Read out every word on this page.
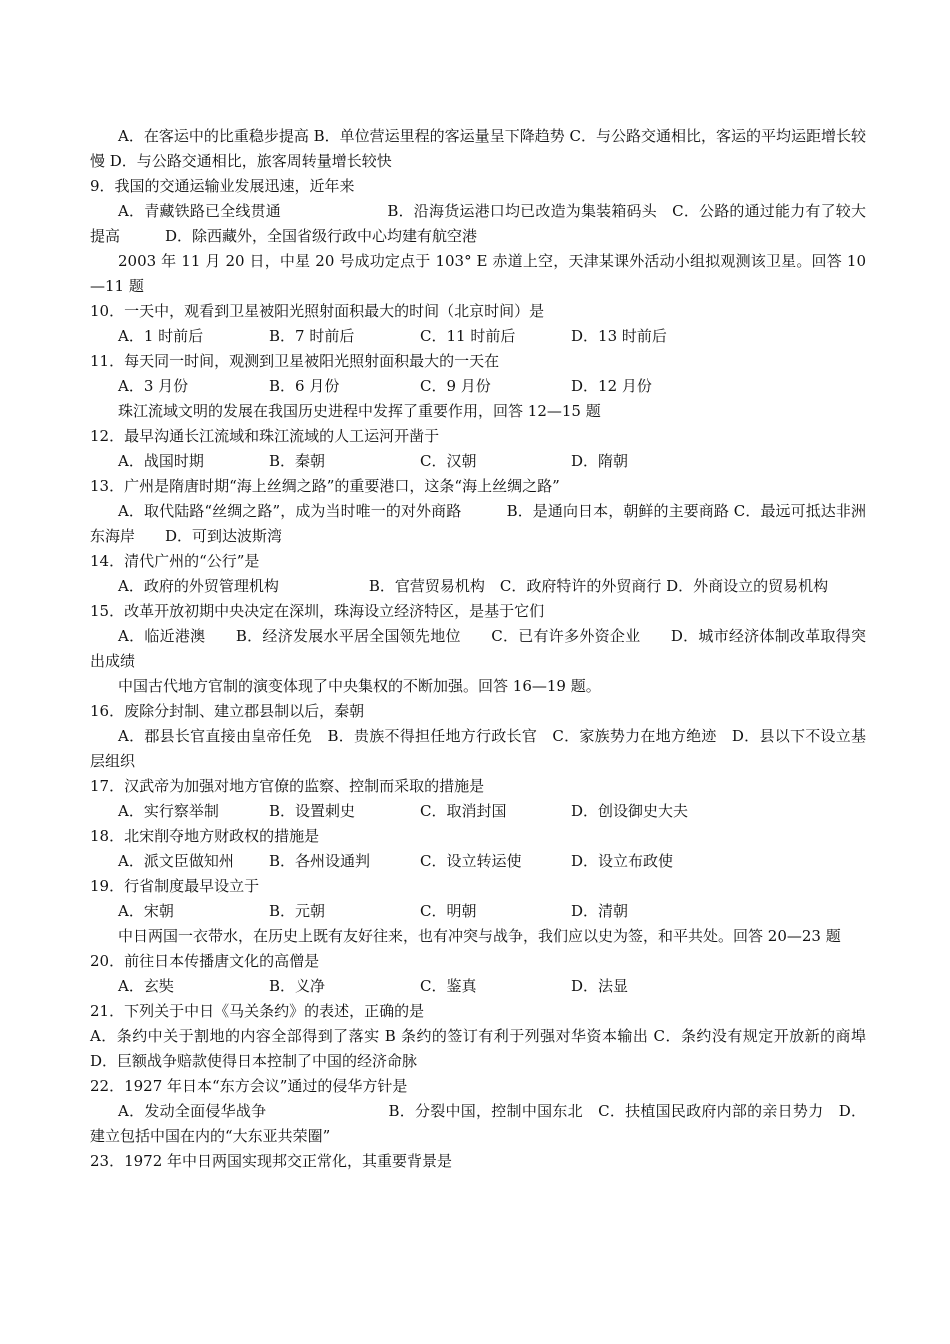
A．在客运中的比重稳步提高 B．单位营运里程的客运量呈下降趋势 C．与公路交通相比，客运的平均运距增长较慢 D．与公路交通相比，旅客周转量增长较快
9．我国的交通运输业发展迅速，近年来
A．青藏铁路已全线贯通　　　　　　　B．沿海货运港口均已改造为集装箱码头　C．公路的通过能力有了较大提高　　　D．除西藏外，全国省级行政中心均建有航空港
2003 年 11 月 20 日，中星 20 号成功定点于 103° E 赤道上空，天津某课外活动小组拟观测该卫星。回答 10—11 题
10．一天中，观看到卫星被阳光照射面积最大的时间（北京时间）是
A．1 时前后	B．7 时前后	C．11 时前后	D．13 时前后
11．每天同一时间，观测到卫星被阳光照射面积最大的一天在
A．3 月份	B．6 月份	C．9 月份	D．12 月份
珠江流域文明的发展在我国历史进程中发挥了重要作用，回答 12—15 题
12．最早沟通长江流域和珠江流域的人工运河开凿于
A．战国时期	B．秦朝	C．汉朝	D．隋朝
13．广州是隋唐时期“海上丝绸之路”的重要港口，这条“海上丝绸之路”
A．取代陆路“丝绸之路”，成为当时唯一的对外商路　　　B．是通向日本，朝鲜的主要商路 C．最远可抵达非洲东海岸　　D．可到达波斯湾
14．清代广州的“公行”是
A．政府的外贸管理机构　　　　　　B．官营贸易机构　C．政府特许的外贸商行 D．外商设立的贸易机构
15．改革开放初期中央决定在深圳，珠海设立经济特区，是基于它们
A．临近港澳　　B．经济发展水平居全国领先地位　　C．已有许多外资企业　　D．城市经济体制改革取得突出成绩
中国古代地方官制的演变体现了中央集权的不断加强。回答 16—19 题。
16．废除分封制、建立郡县制以后，秦朝
A．郡县长官直接由皇帝任免　B．贵族不得担任地方行政长官　C．家族势力在地方绝迹　D．县以下不设立基层组织
17．汉武帝为加强对地方官僚的监察、控制而采取的措施是
A．实行察举制	B．设置刺史	C．取消封国	D．创设御史大夫
18．北宋削夺地方财政权的措施是
A．派文臣做知州	B．各州设通判	C．设立转运使	D．设立布政使
19．行省制度最早设立于
A．宋朝	B．元朝	C．明朝	D．清朝
中日两国一衣带水，在历史上既有友好往来，也有冲突与战争，我们应以史为签，和平共处。回答 20—23 题
20．前往日本传播唐文化的高僧是
A．玄奘	B．义净	C．鉴真	D．法显
21．下列关于中日《马关条约》的表述，正确的是
A．条约中关于割地的内容全部得到了落实 B 条约的签订有利于列强对华资本输出 C．条约没有规定开放新的商埠 D．巨额战争赔款使得日本控制了中国的经济命脉
22．1927 年日本“东方会议”通过的侵华方针是
A．发动全面侵华战争　　　　　　　　B．分裂中国，控制中国东北　C．扶植国民政府内部的亲日势力　D．建立包括中国在内的“大东亚共荣圈”
23．1972 年中日两国实现邦交正常化，其重要背景是
